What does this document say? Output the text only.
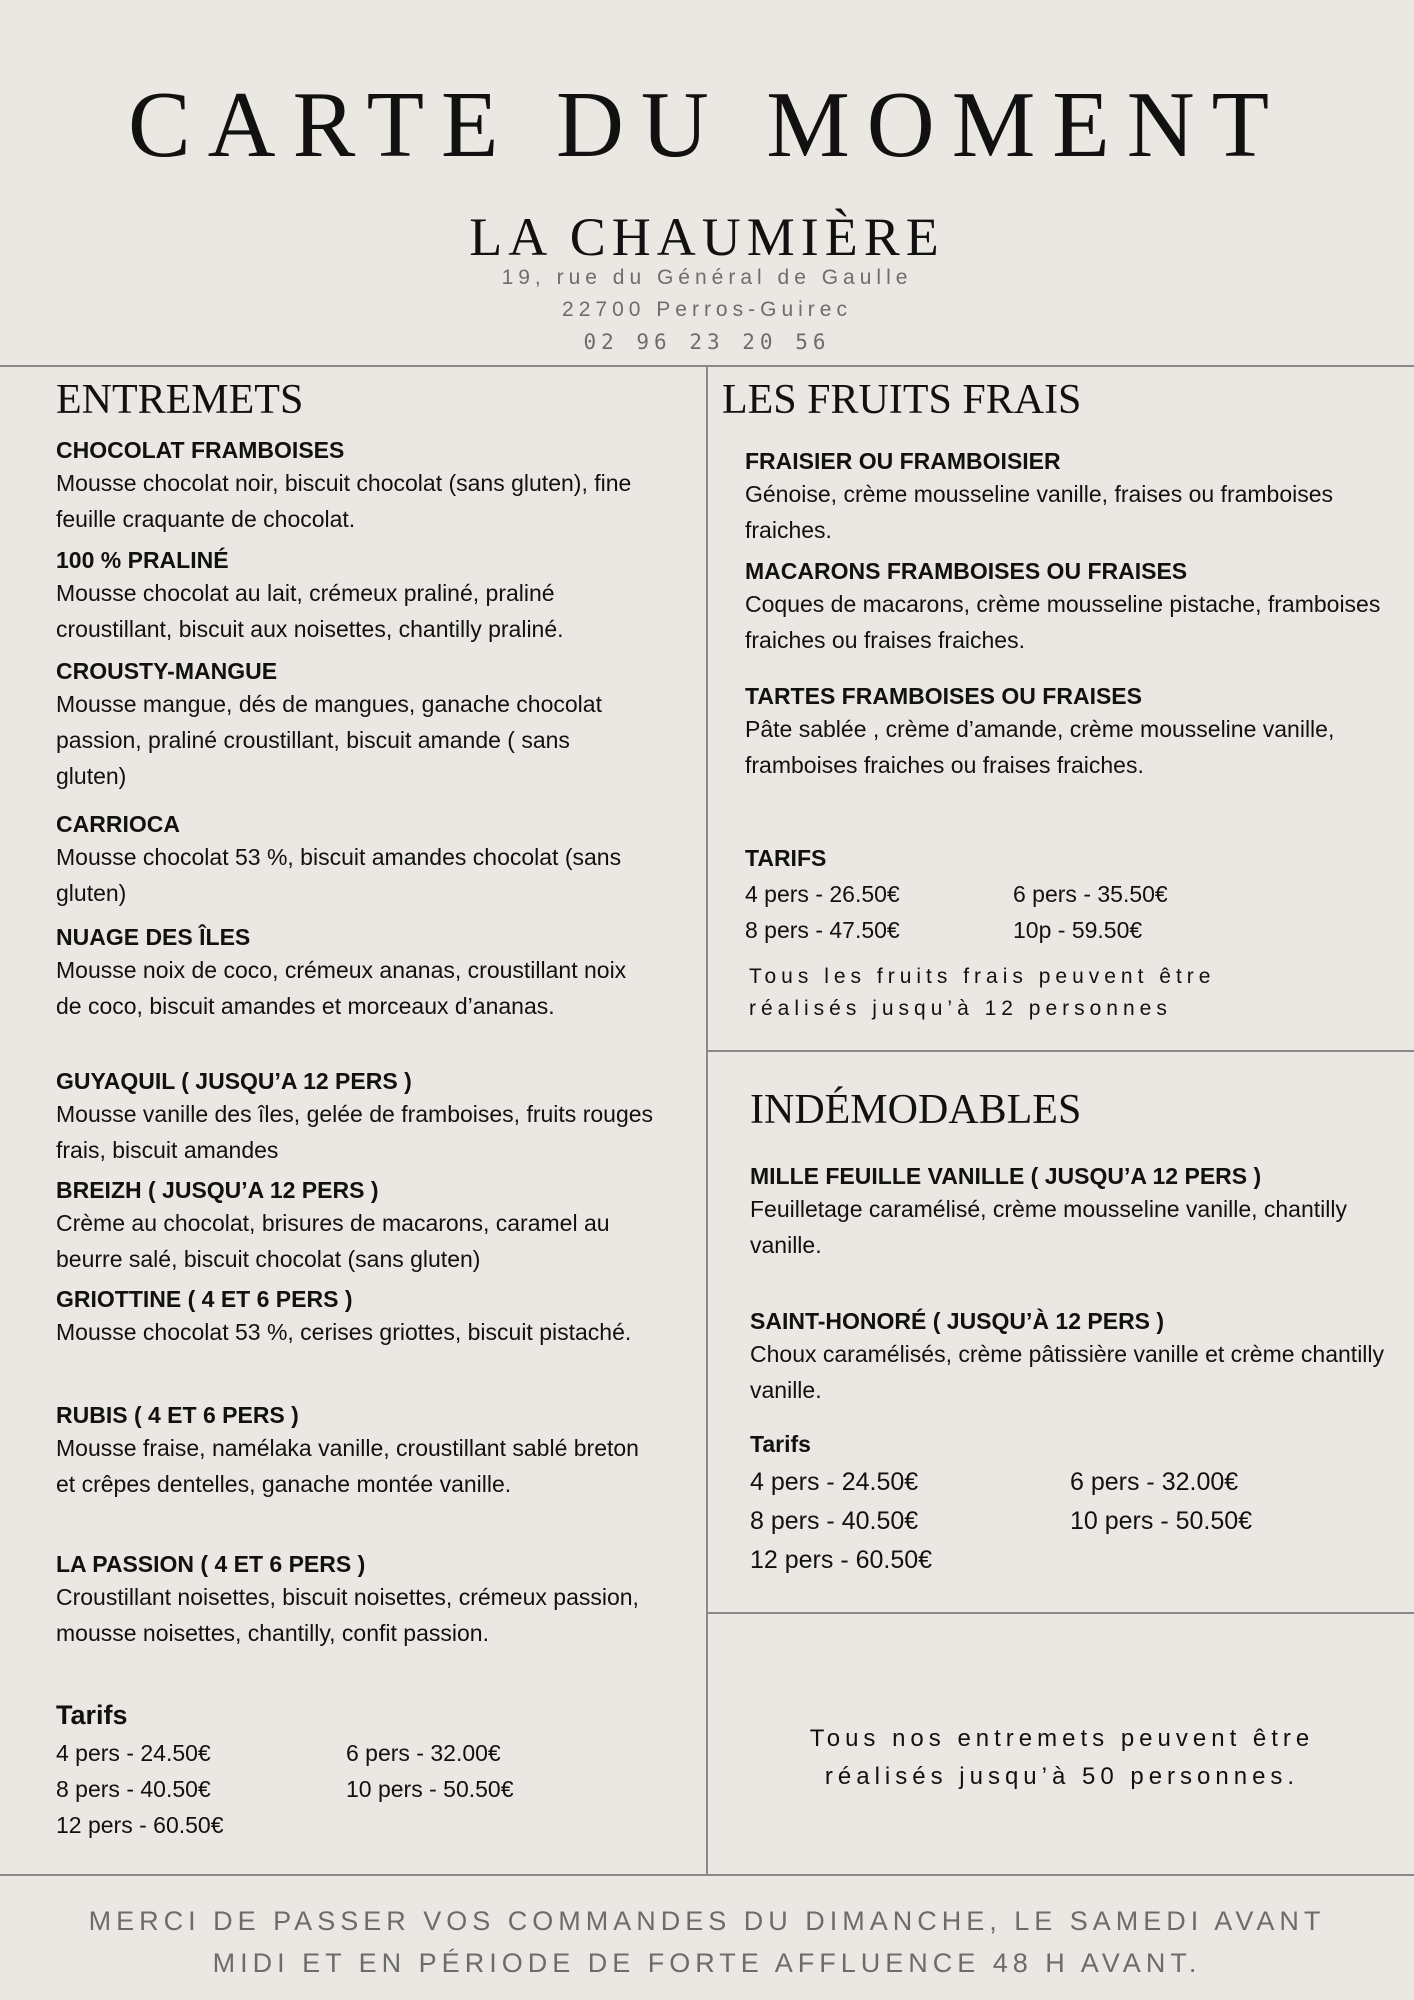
CARTE DU MOMENT
LA CHAUMIÈRE
19, rue du Général de Gaulle
22700 Perros-Guirec
02 96 23 20 56
ENTREMETS

CHOCOLAT FRAMBOISES

Mousse chocolat noir, biscuit chocolat (sans gluten), fine feuille craquante de chocolat.

100 % PRALINÉ

Mousse chocolat au lait, crémeux praliné, praliné croustillant, biscuit aux noisettes, chantilly praliné.

CROUSTY-MANGUE

Mousse mangue, dés de mangues, ganache chocolat passion, praliné croustillant, biscuit amande ( sans gluten)

CARRIOCA

Mousse chocolat 53 %, biscuit amandes chocolat (sans gluten)

NUAGE DES ÎLES

Mousse noix de coco, crémeux ananas, croustillant noix de coco, biscuit amandes et morceaux d’ananas.

GUYAQUIL ( JUSQU’A 12 PERS )

Mousse vanille des îles, gelée de framboises, fruits rouges frais, biscuit amandes

BREIZH ( JUSQU’A 12 PERS )

Crème au chocolat, brisures de macarons, caramel au beurre salé, biscuit chocolat (sans gluten)

GRIOTTINE ( 4 ET 6 PERS )

Mousse chocolat 53 %, cerises griottes, biscuit pistaché.

RUBIS ( 4 ET 6 PERS )

Mousse fraise, namélaka vanille, croustillant sablé breton et crêpes dentelles, ganache montée vanille.

LA PASSION ( 4 ET 6 PERS )

Croustillant noisettes, biscuit noisettes, crémeux passion, mousse noisettes, chantilly, confit passion.

Tarifs
4 pers - 24.50€	6 pers - 32.00€
8 pers - 40.50€	10 pers - 50.50€
12 pers - 60.50€
LES FRUITS FRAIS

FRAISIER OU FRAMBOISIER

Génoise, crème mousseline vanille, fraises ou framboises fraiches.

MACARONS FRAMBOISES OU FRAISES

Coques de macarons, crème mousseline pistache, framboises fraiches ou fraises fraiches.

TARTES FRAMBOISES OU FRAISES

Pâte sablée , crème d’amande, crème mousseline vanille, framboises fraiches ou fraises fraiches.

TARIFS
4 pers - 26.50€	6 pers - 35.50€
8 pers - 47.50€	10p - 59.50€
Tous les fruits frais peuvent être
réalisés jusqu’à 12 personnes
INDÉMODABLES

MILLE FEUILLE VANILLE ( JUSQU’A 12 PERS )

Feuilletage caramélisé, crème mousseline vanille, chantilly vanille.

SAINT-HONORÉ ( JUSQU’À 12 PERS )

Choux caramélisés, crème pâtissière vanille et crème chantilly vanille.

Tarifs
4 pers - 24.50€	6 pers - 32.00€
8 pers - 40.50€	10 pers - 50.50€
12 pers - 60.50€
Tous nos entremets peuvent être
réalisés jusqu’à 50 personnes.
MERCI DE PASSER VOS COMMANDES DU DIMANCHE, LE SAMEDI AVANT
MIDI ET EN PÉRIODE DE FORTE AFFLUENCE 48 H AVANT.
